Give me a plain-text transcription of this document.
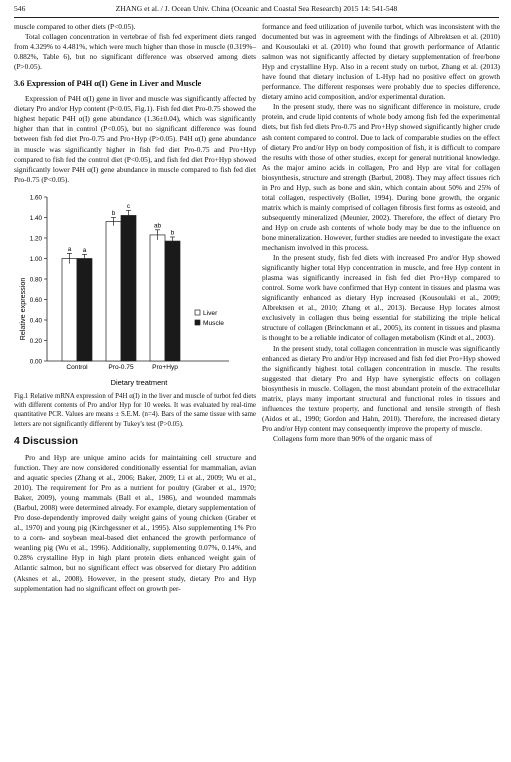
546	ZHANG et al. / J. Ocean Univ. China (Oceanic and Coastal Sea Research) 2015 14: 541-548

muscle compared to other diets (P<0.05).

Total collagen concentration in vertebrae of fish fed experiment diets ranged from 4.329% to 4.481%, which were much higher than those in muscle (0.319%–0.882%, Table 6), but no significant difference was observed among diets (P>0.05).

3.6 Expression of P4H α(I) Gene in Liver and Muscle

Expression of P4H α(I) gene in liver and muscle was significantly affected by dietary Pro and/or Hyp content (P<0.05, Fig.1). Fish fed diet Pro-0.75 showed the highest hepatic P4H α(I) gene abundance (1.36±0.04), which was significantly higher than that in control (P<0.05), but no significant difference was found between fish fed diet Pro-0.75 and Pro+Hyp (P>0.05). P4H α(I) gene abundance in muscle was significantly higher in fish fed diet Pro-0.75 and Pro+Hyp compared to fish fed the control diet (P<0.05), and fish fed diet Pro+Hyp showed significantly lower P4H α(I) gene abundance in muscle compared to fish fed diet Pro-0.75 (P<0.05).

Relative expression
Dietary treatment
0.00
0.20
0.40
0.60
0.80
1.00
1.20
1.40
1.60
Control	Pro-0.75	Pro+Hyp
a a
b
c
ab
b
Liver
Muscle
Fig.1 Relative mRNA expression of P4H α(I) in the liver and muscle of turbot fed diets with different contents of Pro and/or Hyp for 10 weeks. It was evaluated by real-time quantitative PCR. Values are means ± S.E.M. (n=4). Bars of the same tissue with same letters are not significantly different by Tukey's test (P>0.05).
4 Discussion

Pro and Hyp are unique amino acids for maintaining cell structure and function. They are now considered conditionally essential for mammalian, avian and aquatic species (Zhang et al., 2006; Baker, 2009; Li et al., 2009; Wu et al., 2010). The requirement for Pro as a nutrient for poultry (Graber et al., 1970; Baker, 2009), young mammals (Ball et al., 1986), and wounded mammals (Barbul, 2008) were determined already. For example, dietary supplementation of Pro dose-dependently improved daily weight gains of young chicken (Graber et al., 1970) and young pig (Kirchgessner et al., 1995). Also supplementing 1% Pro to a corn- and soybean meal-based diet enhanced the growth performance of weanling pig (Wu et al., 1996). Additionally, supplementing 0.07%, 0.14%, and 0.28% crystalline Hyp in high plant protein diets enhanced weight gain of Atlantic salmon, but no significant effect was observed for dietary Pro addition (Aksnes et al., 2008). However, in the present study, dietary Pro and Hyp supplementation had no significant effect on growth per-

formance and feed utilization of juvenile turbot, which was inconsistent with the documented but was in agreement with the findings of Albrektsen et al. (2010) and Kousoulaki et al. (2010) who found that growth performance of Atlantic salmon was not significantly affected by dietary supplementation of free/bone Hyp and crystalline Hyp. Also in a recent study on turbot, Zhang et al. (2013) have found that dietary inclusion of L-Hyp had no positive effect on growth performance. The different responses were probably due to species difference, dietary amino acid composition, and/or experimental duration.

In the present study, there was no significant difference in moisture, crude protein, and crude lipid contents of whole body among fish fed the experimental diets, but fish fed diets Pro-0.75 and Pro+Hyp showed significantly higher crude ash content compared to control. Due to lack of comparable studies on the effect of dietary Pro and/or Hyp on body composition of fish, it is difficult to compare the results with those of other studies, except for general nutritional knowledge. As the major amino acids in collagen, Pro and Hyp are vital for collagen biosynthesis, structure and strength (Barbul, 2008). They may affect tissues rich in Pro and Hyp, such as bone and skin, which contain about 50% and 25% of total collagen, respectively (Bollet, 1994). During bone growth, the organic matrix which is mainly comprised of collagen fibrosis first forms as osteoid, and subsequently mineralized (Meunier, 2002). Therefore, the effect of dietary Pro and Hyp on crude ash contents of whole body may be due to the influence on bone mineralization. However, further studies are needed to investigate the exact mechanism involved in this process.

In the present study, fish fed diets with increased Pro and/or Hyp showed significantly higher total Hyp concentration in muscle, and free Hyp content in plasma was significantly increased in fish fed diet Pro+Hyp compared to control. Some work have confirmed that Hyp content in tissues and plasma was significantly enhanced as dietary Hyp increased (Kousoulaki et al., 2009; Albrektsen et al., 2010; Zhang et al., 2013). Because Hyp locates almost exclusively in collagen thus being essential for stabilizing the triple helical structure of collagen (Brinckmann et al., 2005), its content in tissues and plasma is thought to be a reliable indicator of collagen metabolism (Kindt et al., 2003).

In the present study, total collagen concentration in muscle was significantly enhanced as dietary Pro and/or Hyp increased and fish fed diet Pro+Hyp showed the significantly highest total collagen concentration in muscle. The results suggested that dietary Pro and Hyp have synergistic effects on collagen biosynthesis in muscle. Collagen, the most abundant protein of the extracellular matrix, plays many important structural and functional roles in tissues and influences the texture property, and functional and tensile strength of flesh (Aidos et al., 1990; Gordon and Hahn, 2010). Therefore, the increased dietary Pro and/or Hyp content may consequently improve the property of muscle.

Collagens form more than 90% of the organic mass of
